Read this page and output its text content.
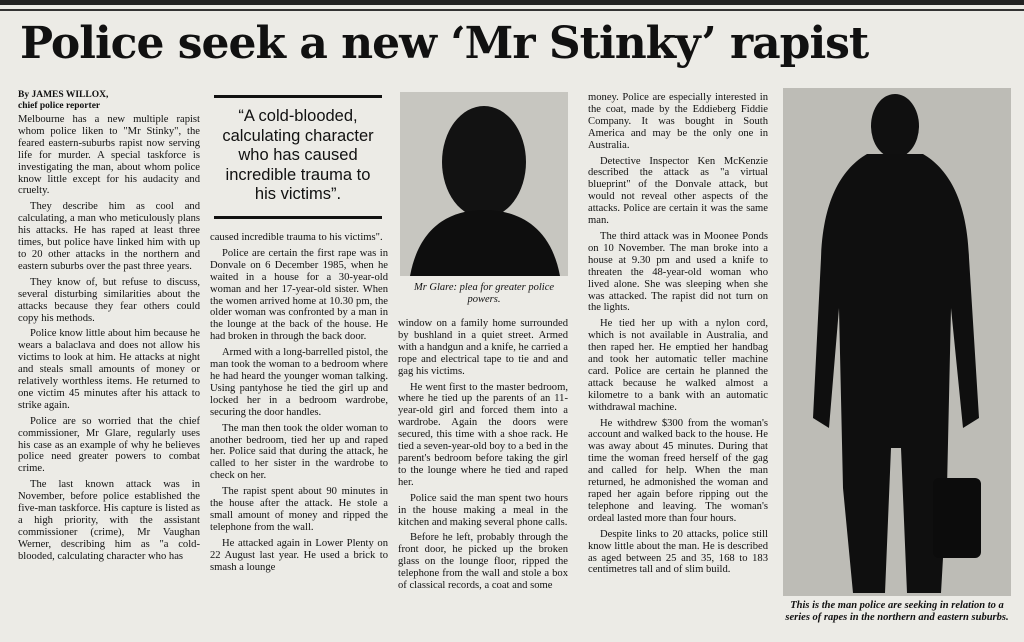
Police seek a new ‘Mr Stinky’ rapist
By JAMES WILLOX,
chief police reporter

Melbourne has a new multiple rapist whom police liken to "Mr Stinky", the feared eastern-suburbs rapist now serving life for murder. A special taskforce is investigating the man, about whom police know little except for his audacity and cruelty.

They describe him as cool and calculating, a man who meticulously plans his attacks. He has raped at least three times, but police have linked him with up to 20 other attacks in the northern and eastern suburbs over the past three years.

They know of, but refuse to discuss, several disturbing similarities about the attacks because they fear others could copy his methods.

Police know little about him because he wears a balaclava and does not allow his victims to look at him. He attacks at night and steals small amounts of money or relatively worthless items. He returned to one victim 45 minutes after his attack to strike again.

Police are so worried that the chief commissioner, Mr Glare, regularly uses his case as an example of why he believes police need greater powers to combat crime.

The last known attack was in November, before police established the five-man taskforce. His capture is listed as a high priority, with the assistant commissioner (crime), Mr Vaughan Werner, describing him as "a cold-blooded, calculating character who has

“A cold-blooded, calculating character who has caused incredible trauma to his victims”.

caused incredible trauma to his victims".

Police are certain the first rape was in Donvale on 6 December 1985, when he waited in a house for a 30-year-old woman and her 17-year-old sister. When the women arrived home at 10.30 pm, the older woman was confronted by a man in the lounge at the back of the house. He had broken in through the back door.

Armed with a long-barrelled pistol, the man took the woman to a bedroom where he had heard the younger woman talking. Using pantyhose he tied the girl up and locked her in a bedroom wardrobe, securing the door handles.

The man then took the older woman to another bedroom, tied her up and raped her. Police said that during the attack, he called to her sister in the wardrobe to check on her.

The rapist spent about 90 minutes in the house after the attack. He stole a small amount of money and ripped the telephone from the wall.

He attacked again in Lower Plenty on 22 August last year. He used a brick to smash a lounge

Mr Glare: plea for greater police powers.

window on a family home surrounded by bushland in a quiet street. Armed with a handgun and a knife, he carried a rope and electrical tape to tie and and gag his victims.

He went first to the master bedroom, where he tied up the parents of an 11-year-old girl and forced them into a wardrobe. Again the doors were secured, this time with a shoe rack. He tied a seven-year-old boy to a bed in the parent's bedroom before taking the girl to the lounge where he tied and raped her.

Police said the man spent two hours in the house making a meal in the kitchen and making several phone calls.

Before he left, probably through the front door, he picked up the broken glass on the lounge floor, ripped the telephone from the wall and stole a box of classical records, a coat and some

money. Police are especially interested in the coat, made by the Eddieberg Fiddie Company. It was bought in South America and may be the only one in Australia.

Detective Inspector Ken McKenzie described the attack as "a virtual blueprint" of the Donvale attack, but would not reveal other aspects of the attacks. Police are certain it was the same man.

The third attack was in Moonee Ponds on 10 November. The man broke into a house at 9.30 pm and used a knife to threaten the 48-year-old woman who lived alone. She was sleeping when she was attacked. The rapist did not turn on the lights.

He tied her up with a nylon cord, which is not available in Australia, and then raped her. He emptied her handbag and took her automatic teller machine card. Police are certain he planned the attack because he walked almost a kilometre to a bank with an automatic withdrawal machine.

He withdrew $300 from the woman's account and walked back to the house. He was away about 45 minutes. During that time the woman freed herself of the gag and called for help. When the man returned, he admonished the woman and raped her again before ripping out the telephone and leaving. The woman's ordeal lasted more than four hours.

Despite links to 20 attacks, police still know little about the man. He is described as aged between 25 and 35, 168 to 183 centimetres tall and of slim build.

This is the man police are seeking in relation to a series of rapes in the northern and eastern suburbs.
